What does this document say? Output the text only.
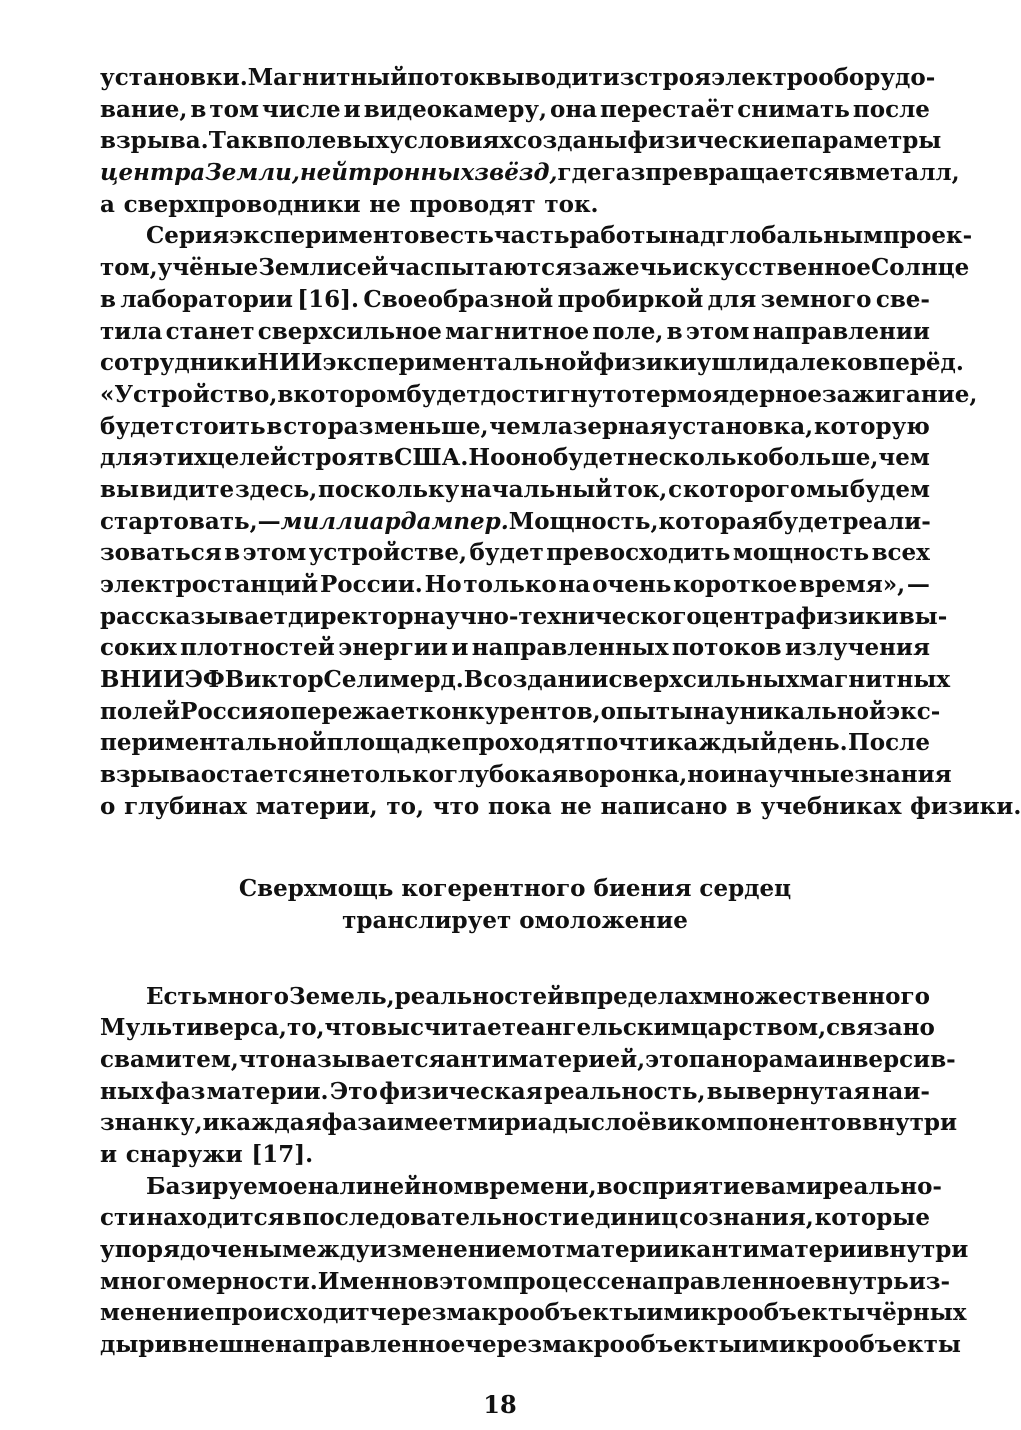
установки. Магнитный поток выводит из строя электрооборудо-
вание, в том числе и видеокамеру, она перестаёт снимать после
взрыва. Так в полевых условиях созданы физические параметры
центра Земли, нейтронных звёзд, где газ превращается в металл,
а сверхпроводники не проводят ток.
Серия экспериментов есть часть работы над глобальным проек-
том, учёные Земли сейчас пытаются зажечь искусственное Солнце
в лаборатории [16]. Своеобразной пробиркой для земного све-
тила станет сверхсильное магнитное поле, в этом направлении
сотрудники НИИ экспериментальной физики ушли далеко вперёд.
«Устройство, в котором будет достигнуто термоядерное зажигание,
будет стоить в сто раз меньше, чем лазерная установка, которую
для этих целей строят в США. Но оно будет несколько больше, чем
вы видите здесь, поскольку начальный ток, с которого мы будем
стартовать, — миллиард ампер. Мощность, которая будет реали-
зоваться в этом устройстве, будет превосходить мощность всех
электростанций России. Но только на очень короткое время», —
рассказывает директор научно-технического центра физики вы-
соких плотностей энергии и направленных потоков излучения
ВНИИЭФ Виктор Селимерд. В создании сверхсильных магнитных
полей Россия опережает конкурентов, опыты на уникальной экс-
периментальной площадке проходят почти каждый день. После
взрыва остается не только глубокая воронка, но и научные знания
о глубинах материи, то, что пока не написано в учебниках физики.
Сверхмощь когерентного биения сердец
транслирует омоложение
Есть много Земель, реальностей в пределах множественного
Мультиверса, то, что вы считаете ангельским царством, связано
с вами тем, что называется антиматерией, это панорама инверсив-
ных фаз материи. Это физическая реальность, вывернутая наи-
знанку, и каждая фаза имеет мириады слоёв и компонентов внутри
и снаружи [17].
Базируемое на линейном времени, восприятие вами реально-
сти находится в последовательности единиц сознания, которые
упорядочены между изменением от материи к антиматерии внутри
многомерности. Именно в этом процессе направленное внутрь из-
менение происходит через макрообъекты и микрообъекты чёрных
дыр и внешне направленное через макрообъекты и микрообъекты
18
